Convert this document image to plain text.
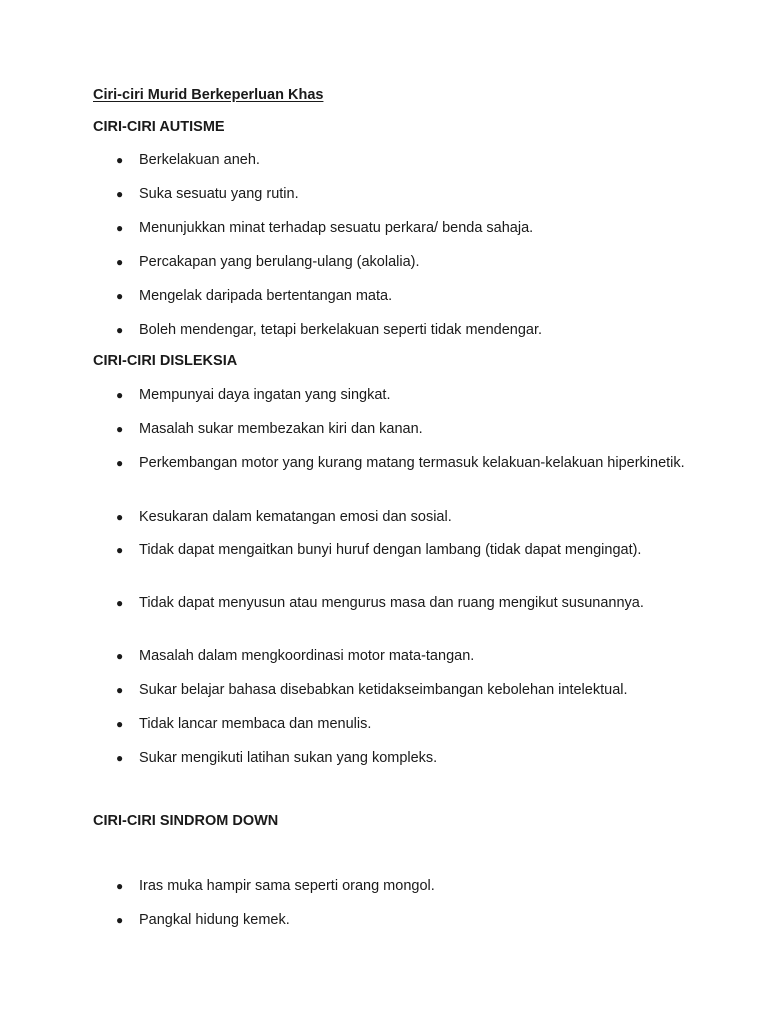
Ciri-ciri Murid Berkeperluan Khas
CIRI-CIRI AUTISME
● Berkelakuan aneh.
● Suka sesuatu yang rutin.
● Menunjukkan minat terhadap sesuatu perkara/ benda sahaja.
● Percakapan yang berulang-ulang (akolalia).
● Mengelak daripada bertentangan mata.
● Boleh mendengar, tetapi berkelakuan seperti tidak mendengar.
CIRI-CIRI DISLEKSIA
● Mempunyai daya ingatan yang singkat.
● Masalah sukar membezakan kiri dan kanan.
● Perkembangan motor yang kurang matang termasuk kelakuan-kelakuan hiperkinetik.
● Kesukaran dalam kematangan emosi dan sosial.
● Tidak dapat mengaitkan bunyi huruf dengan lambang (tidak dapat mengingat).
● Tidak dapat menyusun atau mengurus masa dan ruang mengikut susunannya.
● Masalah dalam mengkoordinasi motor mata-tangan.
● Sukar belajar bahasa disebabkan ketidakseimbangan kebolehan intelektual.
● Tidak lancar membaca dan menulis.
● Sukar mengikuti latihan sukan yang kompleks.
CIRI-CIRI SINDROM DOWN
● Iras muka hampir sama seperti orang mongol.
● Pangkal hidung kemek.
